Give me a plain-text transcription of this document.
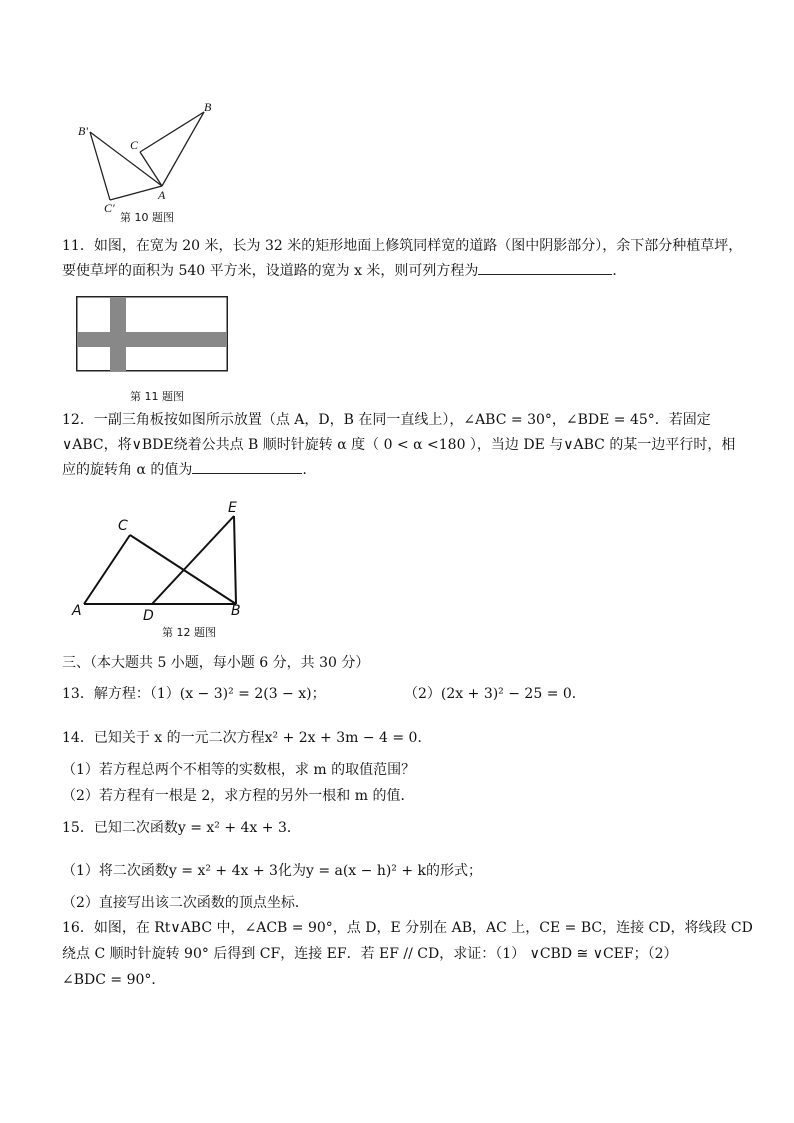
B
B'
C
C'
A
第 10 题图
11．如图，在宽为 20 米，长为 32 米的矩形地面上修筑同样宽的道路（图中阴影部分），余下部分种植草坪，
要使草坪的面积为 540 平方米，设道路的宽为 x 米，则可列方程为	．
第 11 题图
12．一副三角板按如图所示放置（点 A，D，B 在同一直线上），∠ABC = 30°，∠BDE = 45°．若固定
∨ABC，将∨BDE绕着公共点 B 顺时针旋转 α 度（ 0 < α <180 ），当边 DE 与∨ABC 的某一边平行时，相
应的旋转角 α 的值为	.
C
E
A	D	B
第 12 题图
三、（本大题共 5 小题，每小题 6 分，共 30 分）
13．解方程：（1）(x − 3)² = 2(3 − x)；	（2）(2x + 3)² − 25 = 0．
14．已知关于 x 的一元二次方程x² + 2x + 3m − 4 = 0．
（1）若方程总两个不相等的实数根，求 m 的取值范围？
（2）若方程有一根是 2，求方程的另外一根和 m 的值．
15．已知二次函数y = x² + 4x + 3．
（1）将二次函数y = x² + 4x + 3化为y = a(x − h)² + k的形式；
（2）直接写出该二次函数的顶点坐标．
16．如图，在 Rt∨ABC 中，∠ACB = 90°，点 D，E 分别在 AB，AC 上，CE = BC，连接 CD，将线段 CD
绕点 C 顺时针旋转 90° 后得到 CF，连接 EF．若 EF // CD，求证：（1） ∨CBD ≅ ∨CEF；（2）
∠BDC = 90°．
